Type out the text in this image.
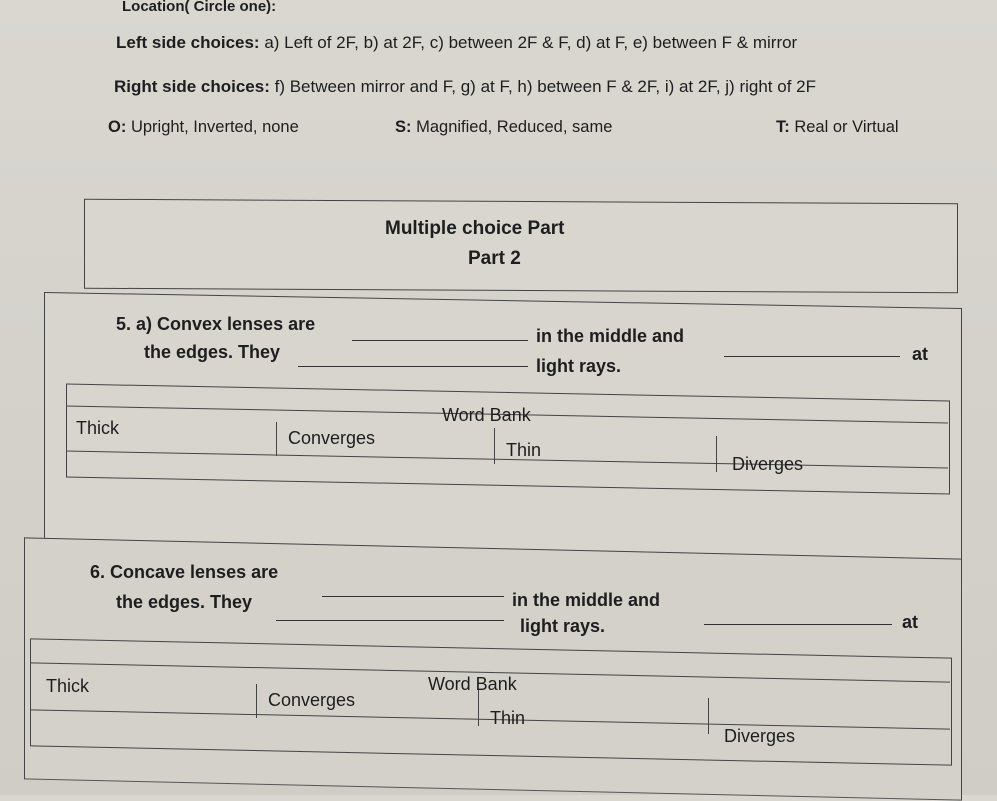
Location( Circle one):
Left side choices: a) Left of 2F, b) at 2F, c) between 2F & F, d) at F, e) between F & mirror
Right side choices: f) Between mirror and F, g) at F, h) between F & 2F, i) at 2F, j) right of 2F
O: Upright, Inverted, none	S: Magnified, Reduced, same	T: Real or Virtual
Multiple choice Part
Part 2
5. a) Convex lenses are
in the middle and
at
the edges. They
light rays.
Word Bank
Thick	Converges
Thin
Diverges
6. Concave lenses are
in the middle and
at
the edges. They
light rays.
Word Bank
Thick
Converges
Thin
Diverges
